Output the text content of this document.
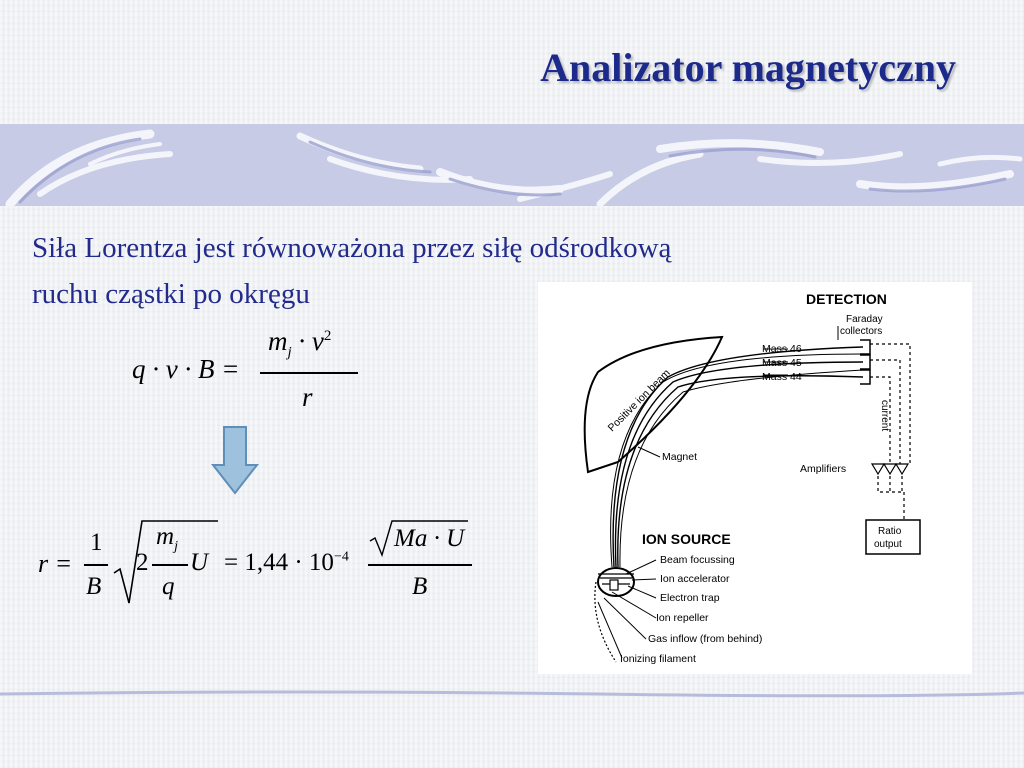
Analizator magnetyczny
Siła Lorentza jest równoważona przez siłę odśrodkową
ruchu cząstki po okręgu
q · v · B =
$m_j \cdot v^2$
r
r =
1
B
2
$m_j$
q
$U = 1,44 \cdot 10^{-4}$
Ma · U
B
DETECTION
Faraday
collectors
Mass 46
Mass 45
Mass 44
Positive ion beam
Magnet
current
Amplifiers
Ratio
output
ION SOURCE
Beam focussing
Ion accelerator
Electron trap
Ion repeller
Gas inflow (from behind)
Ionizing filament
